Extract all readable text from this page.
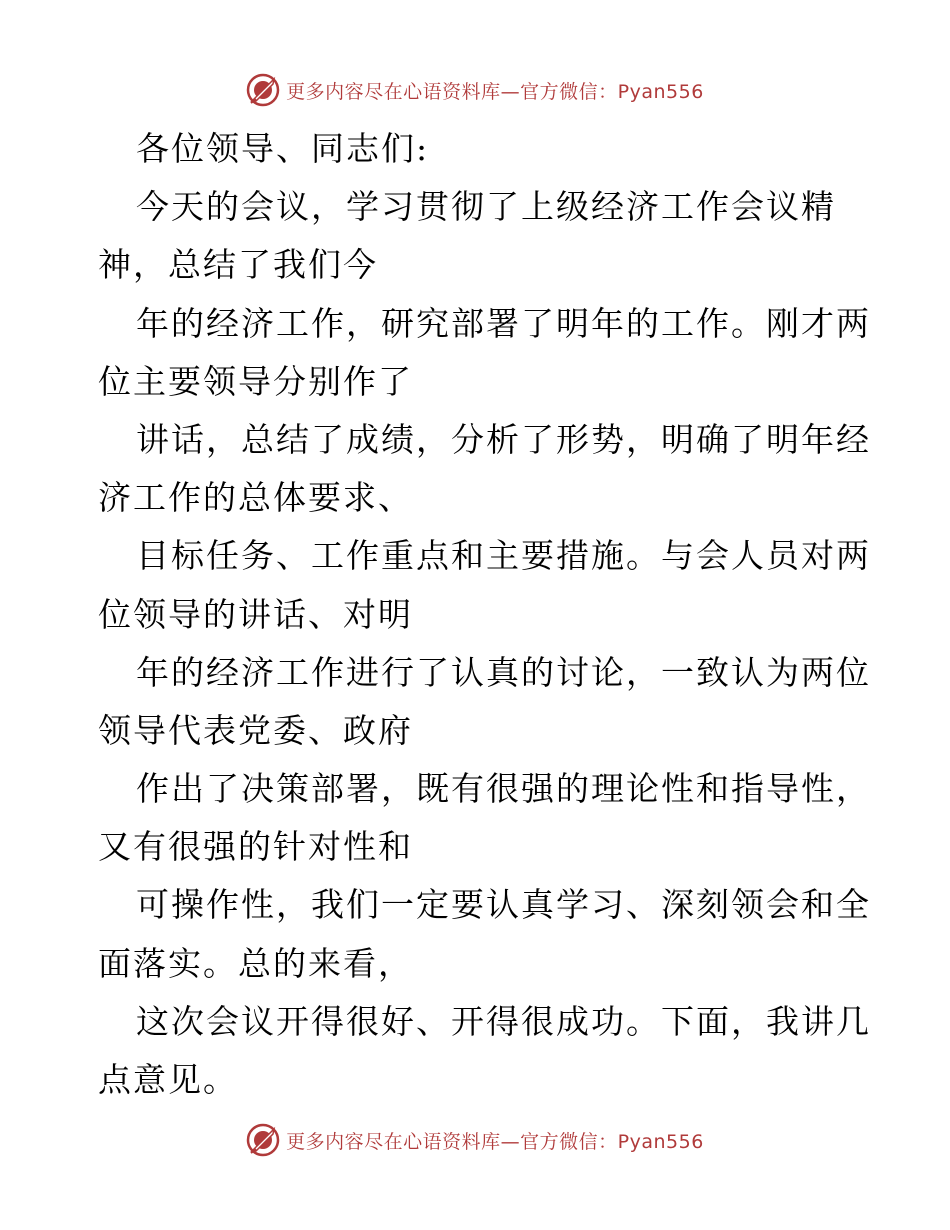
更多内容尽在心语资料库—官方微信：Pyan556
各位领导、同志们:
今天的会议，学习贯彻了上级经济工作会议精
神，总结了我们今
年的经济工作，研究部署了明年的工作。刚才两
位主要领导分别作了
讲话，总结了成绩，分析了形势，明确了明年经
济工作的总体要求、
目标任务、工作重点和主要措施。与会人员对两
位领导的讲话、对明
年的经济工作进行了认真的讨论，一致认为两位
领导代表党委、政府
作出了决策部署，既有很强的理论性和指导性，
又有很强的针对性和
可操作性，我们一定要认真学习、深刻领会和全
面落实。总的来看，
这次会议开得很好、开得很成功。下面，我讲几
点意见。
更多内容尽在心语资料库—官方微信：Pyan556
